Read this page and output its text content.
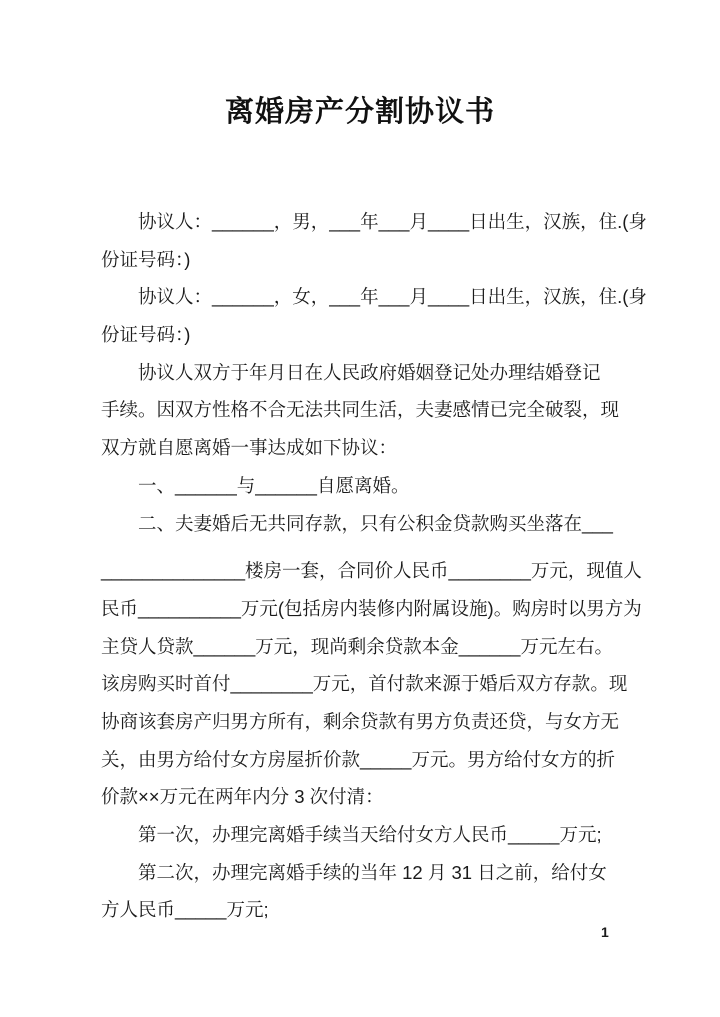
离婚房产分割协议书
协议人：______，男，___年___月____日出生，汉族，住.(身
份证号码：)
协议人：______，女，___年___月____日出生，汉族，住.(身
份证号码：)
协议人双方于年月日在人民政府婚姻登记处办理结婚登记
手续。因双方性格不合无法共同生活，夫妻感情已完全破裂，现
双方就自愿离婚一事达成如下协议：
一、______与______自愿离婚。
二、夫妻婚后无共同存款，只有公积金贷款购买坐落在___
______________楼房一套，合同价人民币________万元，现值人
民币__________万元(包括房内装修内附属设施)。购房时以男方为
主贷人贷款______万元，现尚剩余贷款本金______万元左右。
该房购买时首付________万元，首付款来源于婚后双方存款。现
协商该套房产归男方所有，剩余贷款有男方负责还贷，与女方无
关，由男方给付女方房屋折价款_____万元。男方给付女方的折
价款××万元在两年内分 3 次付清：
第一次，办理完离婚手续当天给付女方人民币_____万元;
第二次，办理完离婚手续的当年 12 月 31 日之前，给付女
方人民币_____万元;
1
